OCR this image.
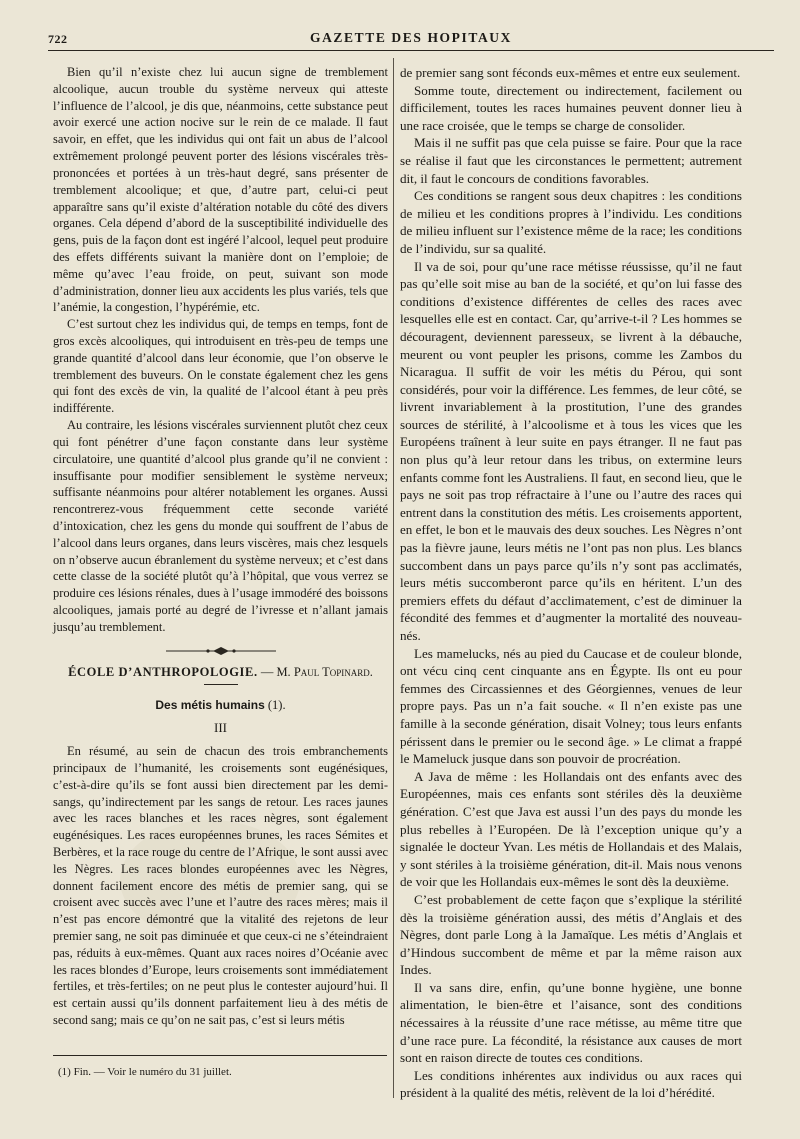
722	GAZETTE DES HOPITAUX

Bien qu’il n’existe chez lui aucun signe de tremblement alcoolique, aucun trouble du système nerveux qui atteste l’influence de l’alcool, je dis que, néanmoins, cette substance peut avoir exercé une action nocive sur le rein de ce malade. Il faut savoir, en effet, que les individus qui ont fait un abus de l’alcool extrêmement prolongé peuvent porter des lésions viscérales très-prononcées et portées à un très-haut degré, sans présenter de tremblement alcoolique; et que, d’autre part, celui-ci peut apparaître sans qu’il existe d’altération notable du côté des divers organes. Cela dépend d’abord de la susceptibilité individuelle des gens, puis de la façon dont est ingéré l’alcool, lequel peut produire des effets différents suivant la manière dont on l’emploie; de même qu’avec l’eau froide, on peut, suivant son mode d’administration, donner lieu aux accidents les plus variés, tels que l’anémie, la congestion, l’hypérémie, etc.

C’est surtout chez les individus qui, de temps en temps, font de gros excès alcooliques, qui introduisent en très-peu de temps une grande quantité d’alcool dans leur économie, que l’on observe le tremblement des buveurs. On le constate également chez les gens qui font des excès de vin, la qualité de l’alcool étant à peu près indifférente.

Au contraire, les lésions viscérales surviennent plutôt chez ceux qui font pénétrer d’une façon constante dans leur système circulatoire, une quantité d’alcool plus grande qu’il ne convient : insuffisante pour modifier sensiblement le système nerveux; suffisante néanmoins pour altérer notablement les organes. Aussi rencontrerez-vous fréquemment cette seconde variété d’intoxication, chez les gens du monde qui souffrent de l’abus de l’alcool dans leurs organes, dans leurs viscères, mais chez lesquels on n’observe aucun ébranlement du système nerveux; et c’est dans cette classe de la société plutôt qu’à l’hôpital, que vous verrez se produire ces lésions rénales, dues à l’usage immodéré des boissons alcooliques, jamais porté au degré de l’ivresse et n’allant jamais jusqu’au tremblement.

ÉCOLE D’ANTHROPOLOGIE. — M. Paul Topinard.
Des métis humains (1).
III

En résumé, au sein de chacun des trois embranchements principaux de l’humanité, les croisements sont eugénésiques, c’est-à-dire qu’ils se font aussi bien directement par les demi-sangs, qu’indirectement par les sangs de retour. Les races jaunes avec les races blanches et les races nègres, sont également eugénésiques. Les races européennes brunes, les races Sémites et Berbères, et la race rouge du centre de l’Afrique, le sont aussi avec les Nègres. Les races blondes européennes avec les Nègres, donnent facilement encore des métis de premier sang, qui se croisent avec succès avec l’une et l’autre des races mères; mais il n’est pas encore démontré que la vitalité des rejetons de leur premier sang, ne soit pas diminuée et que ceux-ci ne s’éteindraient pas, réduits à eux-mêmes. Quant aux races noires d’Océanie avec les races blondes d’Europe, leurs croisements sont immédiatement fertiles, et très-fertiles; on ne peut plus le contester aujourd’hui. Il est certain aussi qu’ils donnent parfaitement lieu à des métis de second sang; mais ce qu’on ne sait pas, c’est si leurs métis

de premier sang sont féconds eux-mêmes et entre eux seulement.

Somme toute, directement ou indirectement, facilement ou difficilement, toutes les races humaines peuvent donner lieu à une race croisée, que le temps se charge de consolider.

Mais il ne suffit pas que cela puisse se faire. Pour que la race se réalise il faut que les circonstances le permettent; autrement dit, il faut le concours de conditions favorables.

Ces conditions se rangent sous deux chapitres : les conditions de milieu et les conditions propres à l’individu. Les conditions de milieu influent sur l’existence même de la race; les conditions de l’individu, sur sa qualité.

Il va de soi, pour qu’une race métisse réussisse, qu’il ne faut pas qu’elle soit mise au ban de la société, et qu’on lui fasse des conditions d’existence différentes de celles des races avec lesquelles elle est en contact. Car, qu’arrive-t-il ? Les hommes se découragent, deviennent paresseux, se livrent à la débauche, meurent ou vont peupler les prisons, comme les Zambos du Nicaragua. Il suffit de voir les métis du Pérou, qui sont considérés, pour voir la différence. Les femmes, de leur côté, se livrent invariablement à la prostitution, l’une des grandes sources de stérilité, à l’alcoolisme et à tous les vices que les Européens traînent à leur suite en pays étranger. Il ne faut pas non plus qu’à leur retour dans les tribus, on extermine leurs enfants comme font les Australiens. Il faut, en second lieu, que le pays ne soit pas trop réfractaire à l’une ou l’autre des races qui entrent dans la constitution des métis. Les croisements apportent, en effet, le bon et le mauvais des deux souches. Les Nègres n’ont pas la fièvre jaune, leurs métis ne l’ont pas non plus. Les blancs succombent dans un pays parce qu’ils n’y sont pas acclimatés, leurs métis succomberont parce qu’ils en héritent. L’un des premiers effets du défaut d’acclimatement, c’est de diminuer la fécondité des femmes et d’augmenter la mortalité des nouveau-nés.

Les mamelucks, nés au pied du Caucase et de couleur blonde, ont vécu cinq cent cinquante ans en Égypte. Ils ont eu pour femmes des Circassiennes et des Géorgiennes, venues de leur propre pays. Pas un n’a fait souche. « Il n’en existe pas une famille à la seconde génération, disait Volney; tous leurs enfants périssent dans le premier ou le second âge. » Le climat a frappé le Mameluck jusque dans son pouvoir de procréation.

A Java de même : les Hollandais ont des enfants avec des Européennes, mais ces enfants sont stériles dès la deuxième génération. C’est que Java est aussi l’un des pays du monde les plus rebelles à l’Européen. De là l’exception unique qu’y a signalée le docteur Yvan. Les métis de Hollandais et des Malais, y sont stériles à la troisième génération, dit-il. Mais nous venons de voir que les Hollandais eux-mêmes le sont dès la deuxième.

C’est probablement de cette façon que s’explique la stérilité dès la troisième génération aussi, des métis d’Anglais et des Nègres, dont parle Long à la Jamaïque. Les métis d’Anglais et d’Hindous succombent de même et par la même raison aux Indes.

Il va sans dire, enfin, qu’une bonne hygiène, une bonne alimentation, le bien-être et l’aisance, sont des conditions nécessaires à la réussite d’une race métisse, au même titre que d’une race pure. La fécondité, la résistance aux causes de mort sont en raison directe de toutes ces conditions.

Les conditions inhérentes aux individus ou aux races qui président à la qualité des métis, relèvent de la loi d’hérédité.

(1) Fin. — Voir le numéro du 31 juillet.
